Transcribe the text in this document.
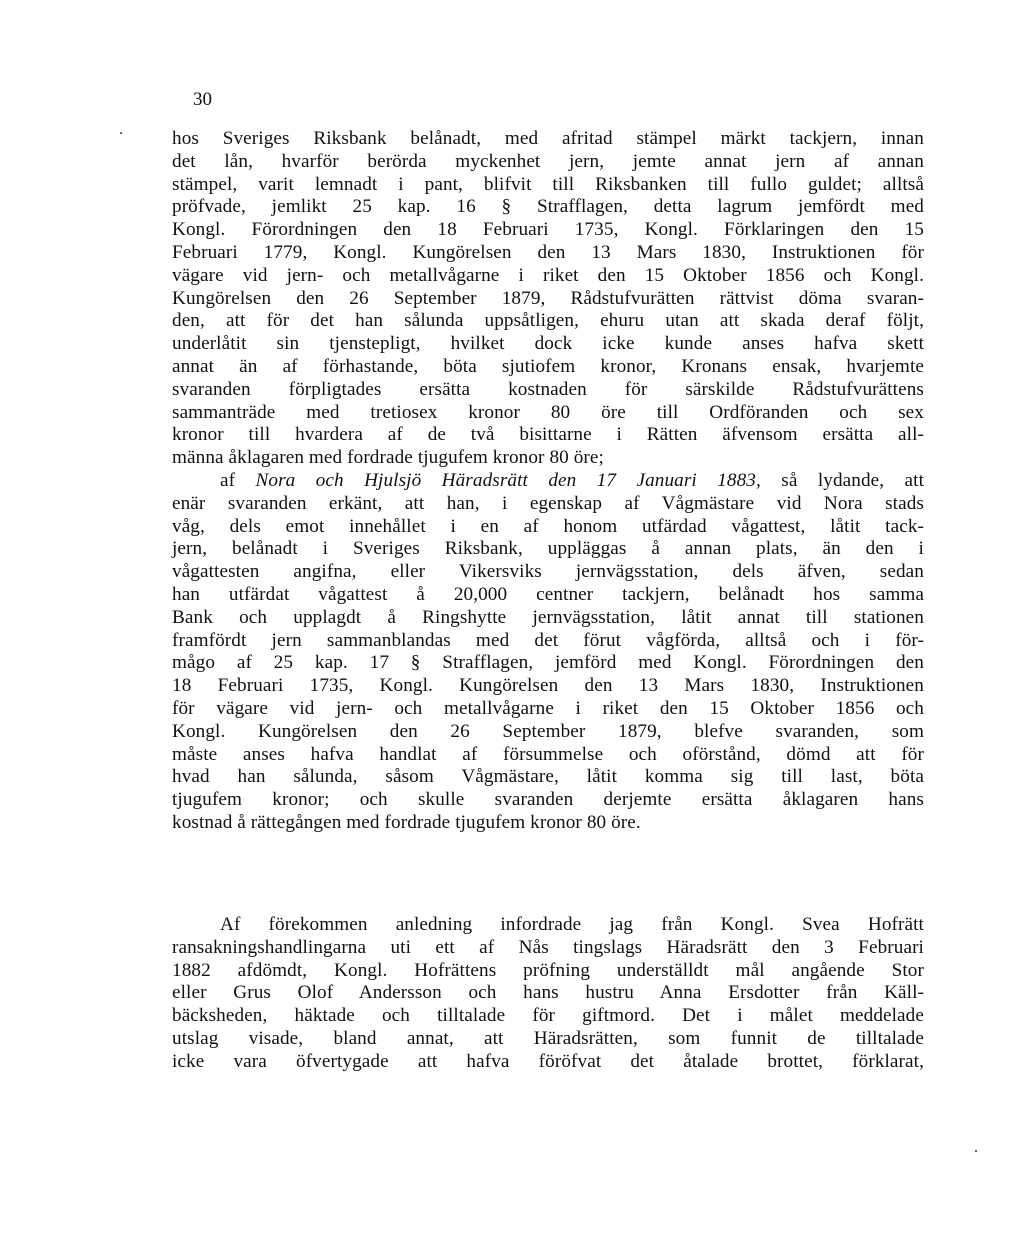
30
hos Sveriges Riksbank belånadt, med afritad stämpel märkt tackjern, innan
det lån, hvarför berörda myckenhet jern, jemte annat jern af annan
stämpel, varit lemnadt i pant, blifvit till Riksbanken till fullo guldet; alltså
pröfvade, jemlikt 25 kap. 16 § Strafflagen, detta lagrum jemfördt med
Kongl. Förordningen den 18 Februari 1735, Kongl. Förklaringen den 15
Februari 1779, Kongl. Kungörelsen den 13 Mars 1830, Instruktionen för
vägare vid jern- och metallvågarne i riket den 15 Oktober 1856 och Kongl.
Kungörelsen den 26 September 1879, Rådstufvurätten rättvist döma svaran-
den, att för det han sålunda uppsåtligen, ehuru utan att skada deraf följt,
underlåtit sin tjenstepligt, hvilket dock icke kunde anses hafva skett
annat än af förhastande, böta sjutiofem kronor, Kronans ensak, hvarjemte
svaranden förpligtades ersätta kostnaden för särskilde Rådstufvurättens
sammanträde med tretiosex kronor 80 öre till Ordföranden och sex
kronor till hvardera af de två bisittarne i Rätten äfvensom ersätta all-
männa åklagaren med fordrade tjugufem kronor 80 öre;
af Nora och Hjulsjö Häradsrätt den 17 Januari 1883, så lydande, att
enär svaranden erkänt, att han, i egenskap af Vågmästare vid Nora stads
våg, dels emot innehållet i en af honom utfärdad vågattest, låtit tack-
jern, belånadt i Sveriges Riksbank, uppläggas å annan plats, än den i
vågattesten angifna, eller Vikersviks jernvägsstation, dels äfven, sedan
han utfärdat vågattest å 20,000 centner tackjern, belånadt hos samma
Bank och upplagdt å Ringshytte jernvägsstation, låtit annat till stationen
framfördt jern sammanblandas med det förut vågförda, alltså och i för-
mågo af 25 kap. 17 § Strafflagen, jemförd med Kongl. Förordningen den
18 Februari 1735, Kongl. Kungörelsen den 13 Mars 1830, Instruktionen
för vägare vid jern- och metallvågarne i riket den 15 Oktober 1856 och
Kongl. Kungörelsen den 26 September 1879, blefve svaranden, som
måste anses hafva handlat af försummelse och oförstånd, dömd att för
hvad han sålunda, såsom Vågmästare, låtit komma sig till last, böta
tjugufem kronor; och skulle svaranden derjemte ersätta åklagaren hans
kostnad å rättegången med fordrade tjugufem kronor 80 öre.
Af förekommen anledning infordrade jag från Kongl. Svea Hofrätt
ransakningshandlingarna uti ett af Nås tingslags Häradsrätt den 3 Februari
1882 afdömdt, Kongl. Hofrättens pröfning underställdt mål angående Stor
eller Grus Olof Andersson och hans hustru Anna Ersdotter från Käll-
bäcksheden, häktade och tilltalade för giftmord. Det i målet meddelade
utslag visade, bland annat, att Häradsrätten, som funnit de tilltalade
icke vara öfvertygade att hafva föröfvat det åtalade brottet, förklarat,
